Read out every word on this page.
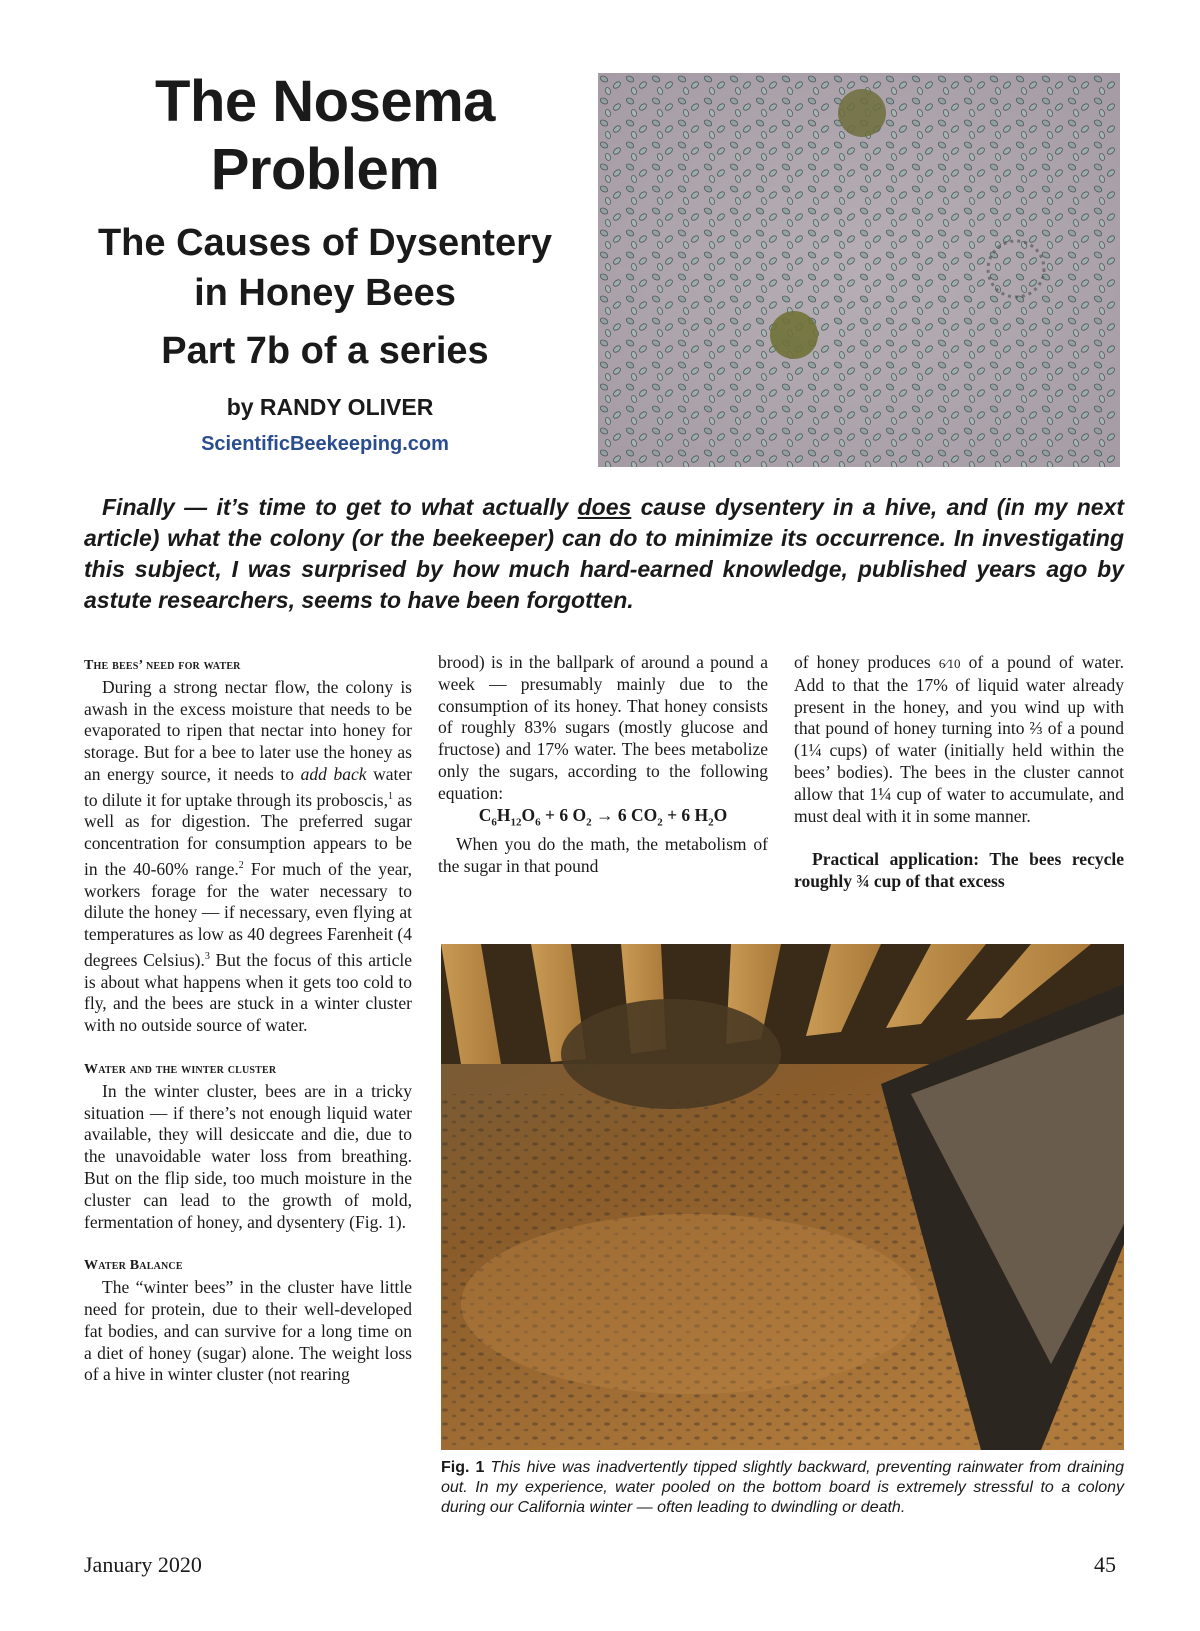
The Nosema
Problem
The Causes of Dysentery
in Honey Bees
Part 7b of a series
by RANDY OLIVER
ScientificBeekeeping.com
Finally — it’s time to get to what actually does cause dysentery in a hive, and (in my next article) what the colony (or the beekeeper) can do to minimize its occurrence. In investigating this subject, I was surprised by how much hard-earned knowledge, published years ago by astute researchers, seems to have been forgotten.
The bees’ need for water

During a strong nectar flow, the colony is awash in the excess moisture that needs to be evaporated to ripen that nectar into honey for storage. But for a bee to later use the honey as an energy source, it needs to add back water to dilute it for uptake through its proboscis,$^1$ as well as for digestion. The preferred sugar concentration for consumption appears to be in the 40-60% range.$^2$ For much of the year, workers forage for the water necessary to dilute the honey — if necessary, even flying at temperatures as low as 40 degrees Farenheit (4 degrees Celsius).$^3$ But the focus of this article is about what happens when it gets too cold to fly, and the bees are stuck in a winter cluster with no outside source of water.

Water and the winter cluster

In the winter cluster, bees are in a tricky situation — if there’s not enough liquid water available, they will desiccate and die, due to the unavoidable water loss from breathing. But on the flip side, too much moisture in the cluster can lead to the growth of mold, fermentation of honey, and dysentery (Fig. 1).

Water Balance

The “winter bees” in the cluster have little need for protein, due to their well-developed fat bodies, and can survive for a long time on a diet of honey (sugar) alone. The weight loss of a hive in winter cluster (not rearing

brood) is in the ballpark of around a pound a week — presumably mainly due to the consumption of its honey. That honey consists of roughly 83% sugars (mostly glucose and fructose) and 17% water. The bees metabolize only the sugars, according to the following equation:

$C_6H_{12}O_6 + 6$ $O_2 \to 6$ $CO_2 + 6$ $H_2O$

When you do the math, the metabolism of the sugar in that pound

of honey produces 6⁄10 of a pound of water. Add to that the 17% of liquid water already present in the honey, and you wind up with that pound of honey turning into ⅔ of a pound (1¼ cups) of water (initially held within the bees’ bodies). The bees in the cluster cannot allow that 1¼ cup of water to accumulate, and must deal with it in some manner.

Practical application: The bees recycle roughly ¾ cup of that excess

Fig. 1 This hive was inadvertently tipped slightly backward, preventing rainwater from draining out. In my experience, water pooled on the bottom board is extremely stressful to a colony during our California winter — often leading to dwindling or death.
January 2020	45
